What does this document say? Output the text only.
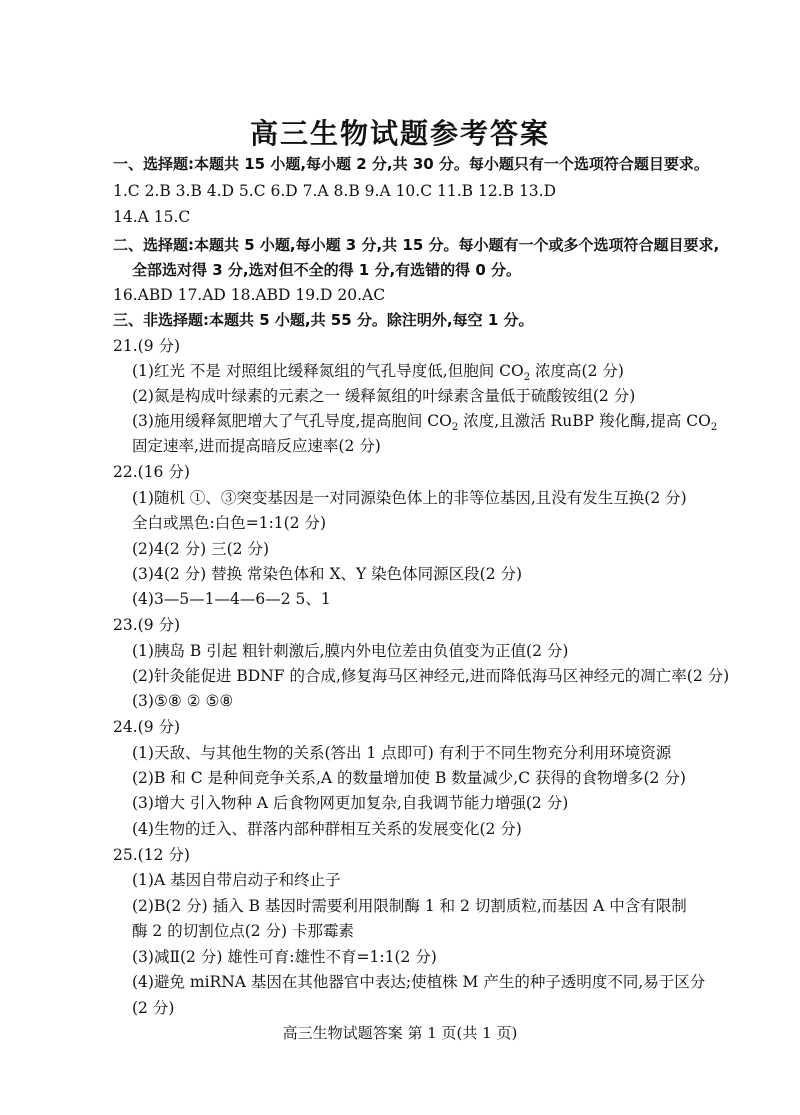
高三生物试题参考答案
一、选择题:本题共 15 小题,每小题 2 分,共 30 分。每小题只有一个选项符合题目要求。
1.C 2.B 3.B 4.D 5.C 6.D 7.A 8.B 9.A 10.C 11.B 12.B 13.D
14.A 15.C
二、选择题:本题共 5 小题,每小题 3 分,共 15 分。每小题有一个或多个选项符合题目要求,
全部选对得 3 分,选对但不全的得 1 分,有选错的得 0 分。
16.ABD 17.AD 18.ABD 19.D 20.AC
三、非选择题:本题共 5 小题,共 55 分。除注明外,每空 1 分。
21.(9 分)
(1)红光 不是 对照组比缓释氮组的气孔导度低,但胞间 $CO_2$ 浓度高(2 分)
(2)氮是构成叶绿素的元素之一 缓释氮组的叶绿素含量低于硫酸铵组(2 分)
(3)施用缓释氮肥增大了气孔导度,提高胞间 $CO_2$ 浓度,且激活 RuBP 羧化酶,提高 $CO_2$
固定速率,进而提高暗反应速率(2 分)
22.(16 分)
(1)随机 ①、③突变基因是一对同源染色体上的非等位基因,且没有发生互换(2 分)
全白或黑色:白色=1:1(2 分)
(2)4(2 分) 三(2 分)
(3)4(2 分) 替换 常染色体和 X、Y 染色体同源区段(2 分)
(4)3—5—1—4—6—2 5、1
23.(9 分)
(1)胰岛 B 引起 粗针刺激后,膜内外电位差由负值变为正值(2 分)
(2)针灸能促进 BDNF 的合成,修复海马区神经元,进而降低海马区神经元的凋亡率(2 分)
(3)⑤⑧ ② ⑤⑧
24.(9 分)
(1)天敌、与其他生物的关系(答出 1 点即可) 有利于不同生物充分利用环境资源
(2)B 和 C 是种间竞争关系,A 的数量增加使 B 数量减少,C 获得的食物增多(2 分)
(3)增大 引入物种 A 后食物网更加复杂,自我调节能力增强(2 分)
(4)生物的迁入、群落内部种群相互关系的发展变化(2 分)
25.(12 分)
(1)A 基因自带启动子和终止子
(2)B(2 分) 插入 B 基因时需要利用限制酶 1 和 2 切割质粒,而基因 A 中含有限制
酶 2 的切割位点(2 分) 卡那霉素
(3)减Ⅱ(2 分) 雄性可育:雄性不育=1:1(2 分)
(4)避免 miRNA 基因在其他器官中表达;使植株 M 产生的种子透明度不同,易于区分
(2 分)
高三生物试题答案 第 1 页(共 1 页)
